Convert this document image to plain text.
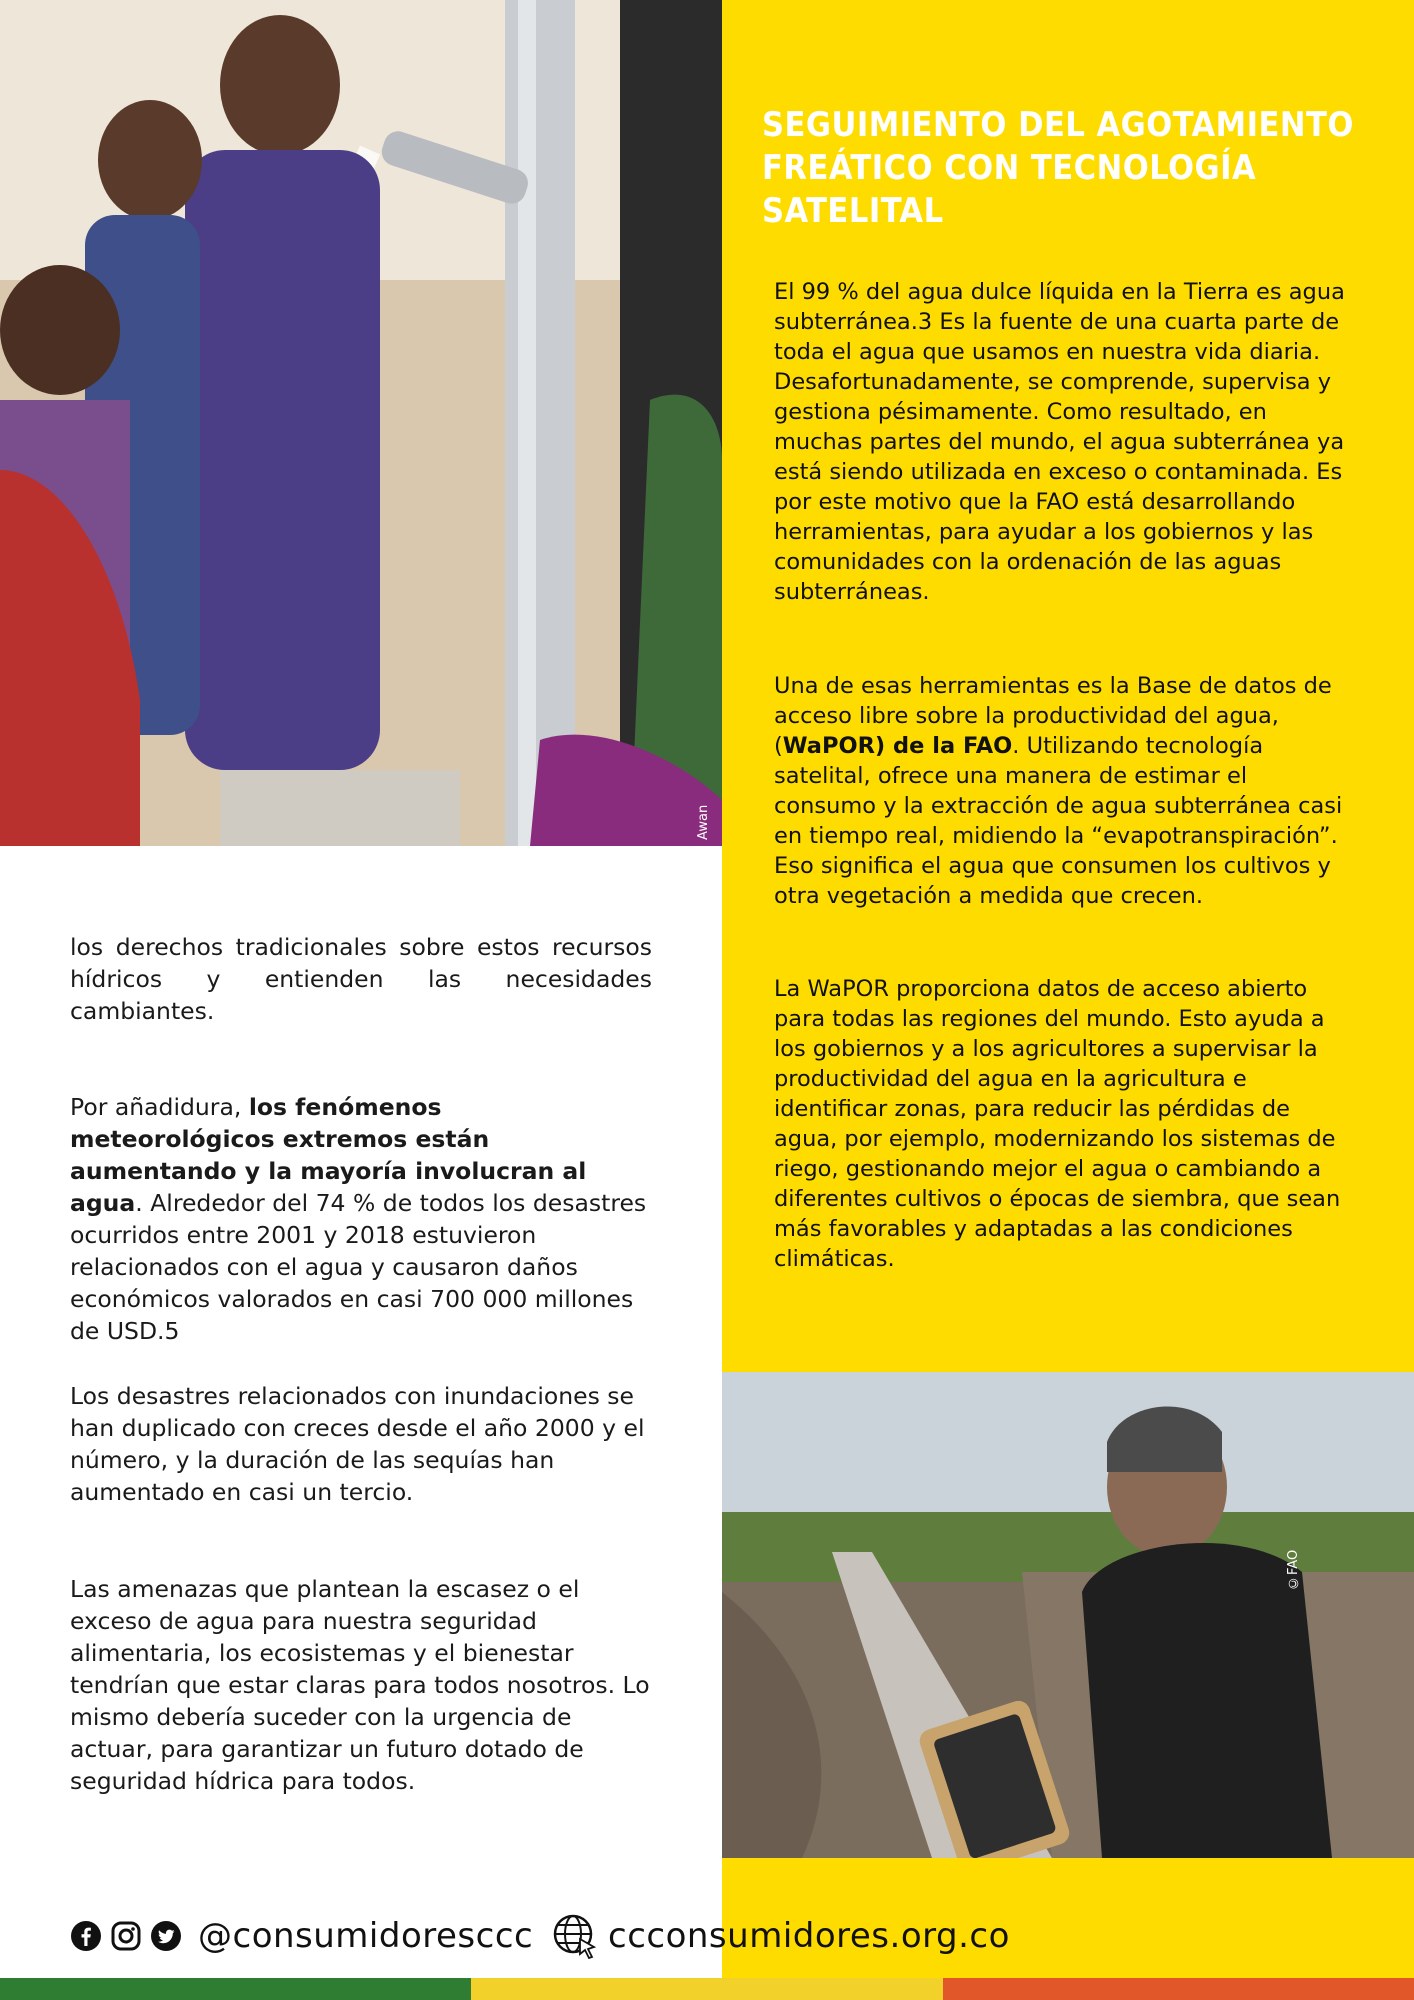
Awan
SEGUIMIENTO DEL AGOTAMIENTO
FREÁTICO CON TECNOLOGÍA
SATELITAL

El 99 % del agua dulce líquida en la Tierra es agua subterránea.3 Es la fuente de una cuarta parte de toda el agua que usamos en nuestra vida diaria. Desafortunadamente, se comprende, supervisa y gestiona pésimamente. Como resultado, en muchas partes del mundo, el agua subterránea ya está siendo utilizada en exceso o contaminada. Es por este motivo que la FAO está desarrollando herramientas, para ayudar a los gobiernos y las comunidades con la ordenación de las aguas subterráneas.

Una de esas herramientas es la Base de datos de acceso libre sobre la productividad del agua, (WaPOR) de la FAO. Utilizando tecnología satelital, ofrece una manera de estimar el consumo y la extracción de agua subterránea casi en tiempo real, midiendo la “evapotranspiración”. Eso significa el agua que consumen los cultivos y otra vegetación a medida que crecen.

La WaPOR proporciona datos de acceso abierto para todas las regiones del mundo. Esto ayuda a los gobiernos y a los agricultores a supervisar la productividad del agua en la agricultura e identificar zonas, para reducir las pérdidas de agua, por ejemplo, modernizando los sistemas de riego, gestionando mejor el agua o cambiando a diferentes cultivos o épocas de siembra, que sean más favorables y adaptadas a las condiciones climáticas.

©FAO

los derechos tradicionales sobre estos recursos hídricos y entienden las necesidades cambiantes.

Por añadidura, los fenómenos meteorológicos extremos están aumentando y la mayoría involucran al agua. Alrededor del 74 % de todos los desastres ocurridos entre 2001 y 2018 estuvieron relacionados con el agua y causaron daños económicos valorados en casi 700 000 millones de USD.5

Los desastres relacionados con inundaciones se han duplicado con creces desde el año 2000 y el número, y la duración de las sequías han aumentado en casi un tercio.

Las amenazas que plantean la escasez o el exceso de agua para nuestra seguridad alimentaria, los ecosistemas y el bienestar tendrían que estar claras para todos nosotros. Lo mismo debería suceder con la urgencia de actuar, para garantizar un futuro dotado de seguridad hídrica para todos.

@consumidoresccc ccconsumidores.org.co
